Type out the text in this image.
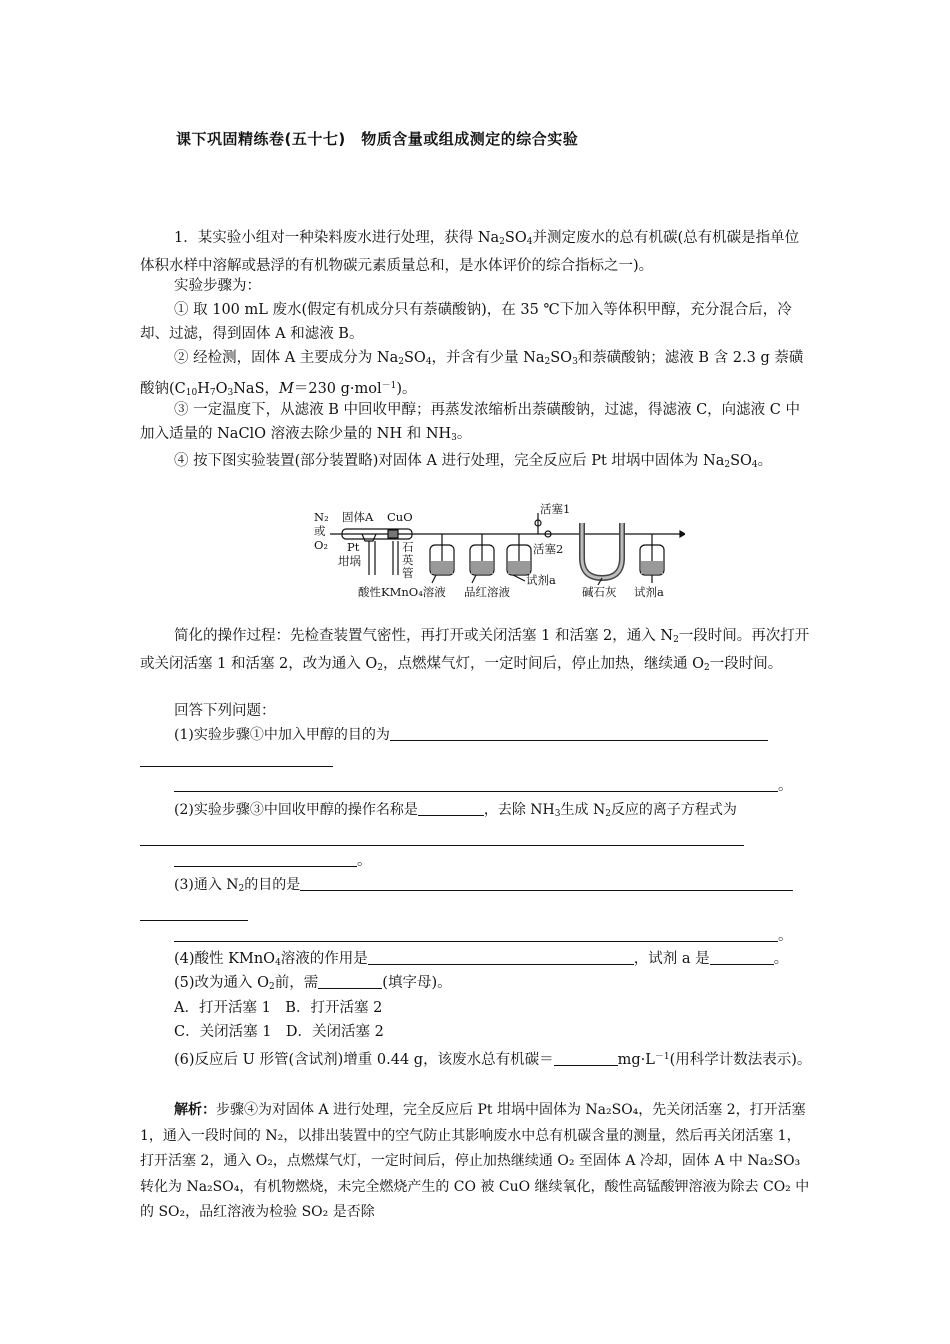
课下巩固精练卷(五十七)　物质含量或组成测定的综合实验
1．某实验小组对一种染料废水进行处理，获得 $Na_2SO_4$并测定废水的总有机碳(总有机碳是指单位体积水样中溶解或悬浮的有机物碳元素质量总和，是水体评价的综合指标之一)。
实验步骤为：
① 取 100 mL 废水(假定有机成分只有萘磺酸钠)，在 35 ℃下加入等体积甲醇，充分混合后，冷却、过滤，得到固体 A 和滤液 B。
② 经检测，固体 A 主要成分为 $Na_2SO_4$，并含有少量 $Na_2SO_3$和萘磺酸钠；滤液 B 含 2.3 g 萘磺酸钠($C_{10}H_7O_3NaS$，M＝230 g·mol$^{-1}$)。
③ 一定温度下，从滤液 B 中回收甲醇；再蒸发浓缩析出萘磺酸钠，过滤，得滤液 C，向滤液 C 中加入适量的 NaClO 溶液去除少量的 NH 和 $NH_3$。
④ 按下图实验装置(部分装置略)对固体 A 进行处理，完全反应后 Pt 坩埚中固体为 $Na_2SO_4$。
N₂
或
O₂
固体A CuO
Pt
坩埚
石
英
管
活塞1
活塞2
酸性KMnO₄溶液 品红溶液
试剂a
碱石灰 试剂a
简化的操作过程：先检查装置气密性，再打开或关闭活塞 1 和活塞 2，通入 $N_2$一段时间。再次打开或关闭活塞 1 和活塞 2，改为通入 $O_2$，点燃煤气灯，一定时间后，停止加热，继续通 $O_2$一段时间。
回答下列问题：
(1)实验步骤①中加入甲醇的目的为

。
(2)实验步骤③中回收甲醇的操作名称是	，去除 $NH_3$生成 $N_2$反应的离子方程式为
。
(3)通入 $N_2$的目的是

。
(4)酸性 KMnO$_4$溶液的作用是	，试剂 a 是	。
(5)改为通入 $O_2$前，需	(填字母)。
A．打开活塞 1　B．打开活塞 2
C．关闭活塞 1　D．关闭活塞 2
(6)反应后 U 形管(含试剂)增重 0.44 g，该废水总有机碳＝	$mg\cdot L^{-1}$(用科学计数法表示)。
解析：步骤④为对固体 A 进行处理，完全反应后 Pt 坩埚中固体为 Na₂SO₄，先关闭活塞 2，打开活塞 1，通入一段时间的 N₂，以排出装置中的空气防止其影响废水中总有机碳含量的测量，然后再关闭活塞 1，打开活塞 2，通入 O₂，点燃煤气灯，一定时间后，停止加热继续通 O₂ 至固体 A 冷却，固体 A 中 Na₂SO₃ 转化为 Na₂SO₄，有机物燃烧，未完全燃烧产生的 CO 被 CuO 继续氧化，酸性高锰酸钾溶液为除去 CO₂ 中的 SO₂，品红溶液为检验 SO₂ 是否除
